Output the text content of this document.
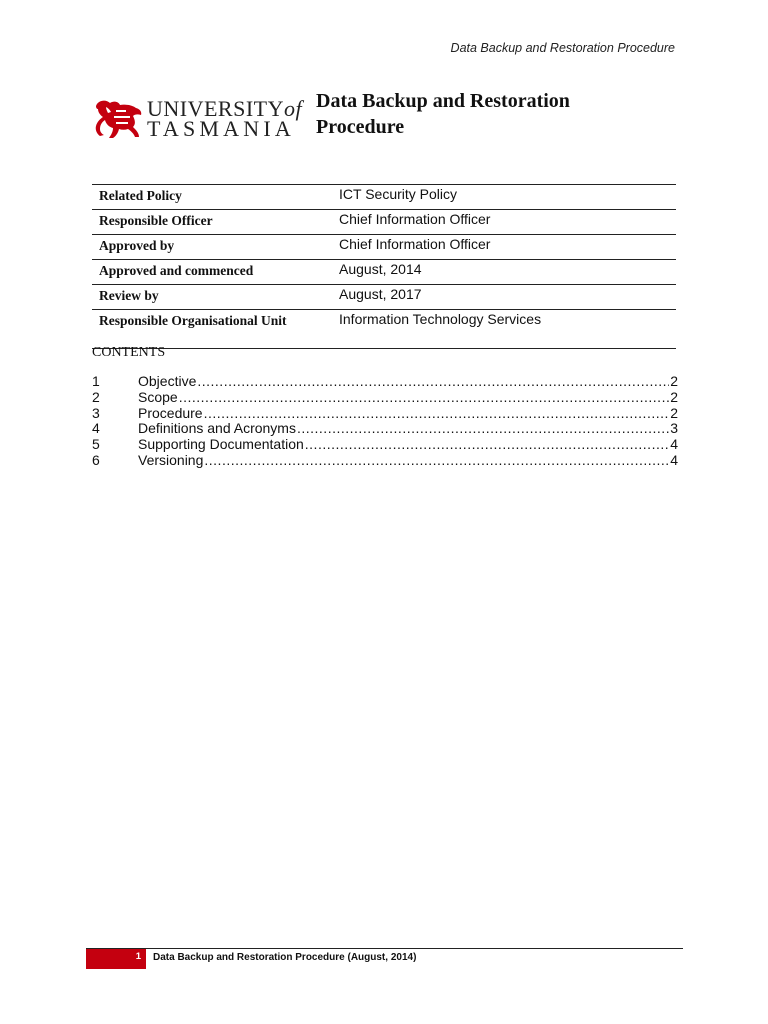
Data Backup and Restoration Procedure
UNIVERSITYof
TASMANIA
Data Backup and Restoration
Procedure
Related Policy	ICT Security Policy
Responsible Officer	Chief Information Officer
Approved by	Chief Information Officer
Approved and commenced	August, 2014
Review by	August, 2017
Responsible Organisational Unit	Information Technology Services
CONTENTS
1	Objective .....	2
2	Scope .....	2
3	Procedure .....	2
4	Definitions and Acronyms .....	3
5	Supporting Documentation .....	4
6	Versioning .....	4
1 Data Backup and Restoration Procedure (August, 2014)
